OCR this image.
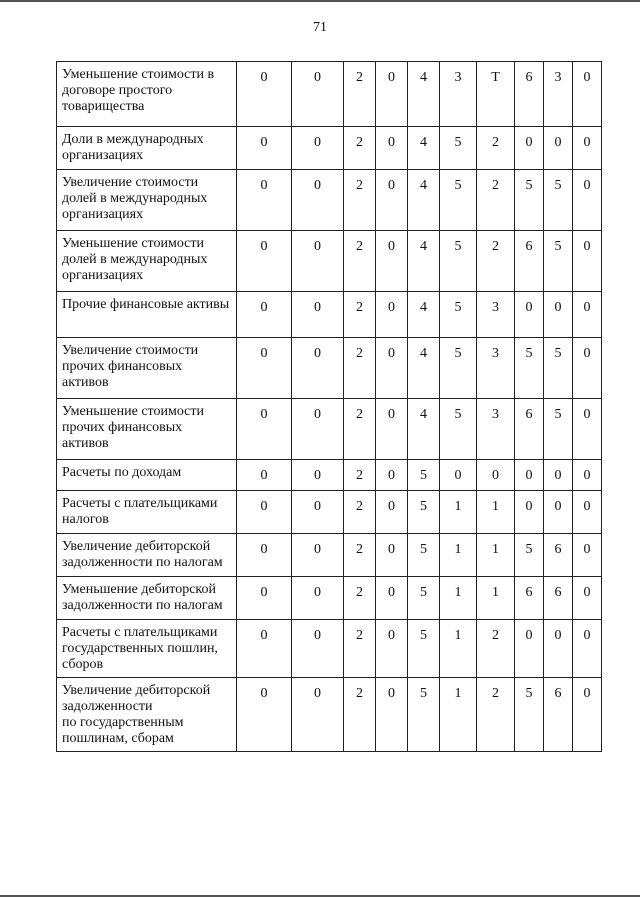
71
Уменьшение стоимости в договоре простого товарищества	0	0	2	0	4	3	Т	6	3	0
Доли в международных организациях	0	0	2	0	4	5	2	0	0	0
Увеличение стоимости долей в международных организациях	0	0	2	0	4	5	2	5	5	0
Уменьшение стоимости долей в международных организациях	0	0	2	0	4	5	2	6	5	0
Прочие финансовые активы	0	0	2	0	4	5	3	0	0	0
Увеличение стоимости прочих финансовых активов	0	0	2	0	4	5	3	5	5	0
Уменьшение стоимости прочих финансовых активов	0	0	2	0	4	5	3	6	5	0
Расчеты по доходам	0	0	2	0	5	0	0	0	0	0
Расчеты с плательщиками налогов	0	0	2	0	5	1	1	0	0	0
Увеличение дебиторской задолженности по налогам	0	0	2	0	5	1	1	5	6	0
Уменьшение дебиторской задолженности по налогам	0	0	2	0	5	1	1	6	6	0
Расчеты с плательщиками государственных пошлин, сборов	0	0	2	0	5	1	2	0	0	0
Увеличение дебиторской задолженности
по государственным пошлинам, сборам	0	0	2	0	5	1	2	5	6	0
